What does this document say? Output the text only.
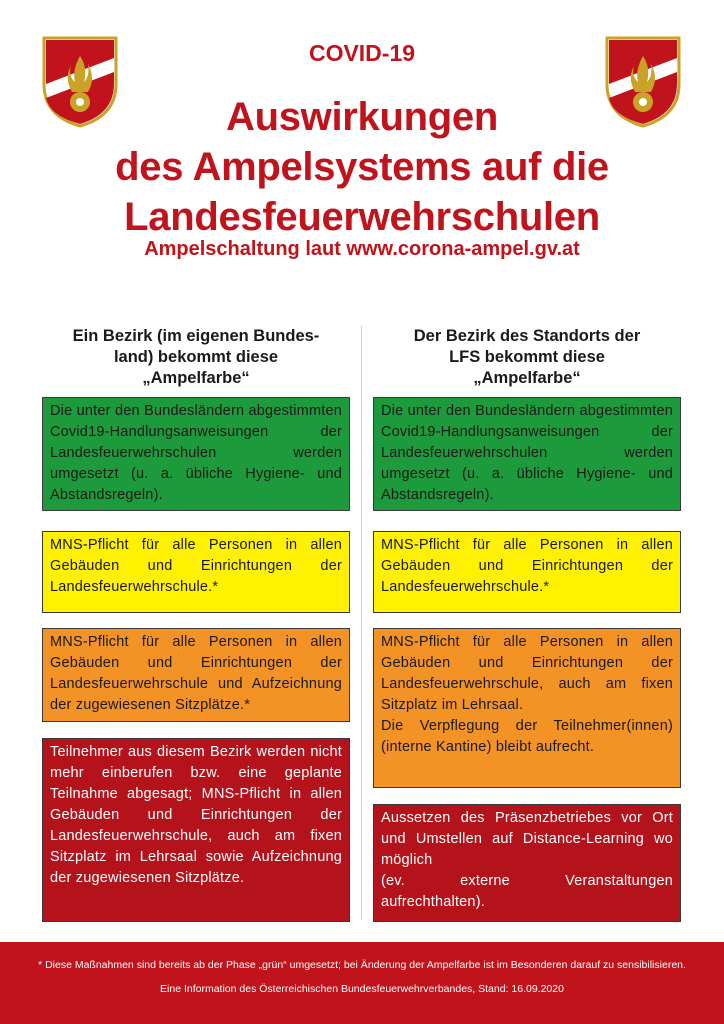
COVID-19
Auswirkungen
des Ampelsystems auf die
Landesfeuerwehrschulen
Ampelschaltung laut www.corona-ampel.gv.at
Ein Bezirk (im eigenen Bundes-
land) bekommt diese
„Ampelfarbe“
Die unter den Bundesländern abgestimmten Covid19-Handlungsanweisungen der Landesfeuerwehrschulen werden umgesetzt (u. a. übliche Hygiene- und Abstandsregeln).
MNS-Pflicht für alle Personen in allen Gebäuden und Einrichtungen der Landesfeuerwehrschule.*
MNS-Pflicht für alle Personen in allen Gebäuden und Einrichtungen der Landesfeuerwehrschule und Aufzeichnung der zugewiesenen Sitzplätze.*
Teilnehmer aus diesem Bezirk werden nicht mehr einberufen bzw. eine geplante Teilnahme abgesagt; MNS-Pflicht in allen Gebäuden und Einrichtungen der Landesfeuerwehrschule, auch am fixen Sitzplatz im Lehrsaal sowie Aufzeichnung der zugewiesenen Sitzplätze.
Der Bezirk des Standorts der
LFS bekommt diese
„Ampelfarbe“
Die unter den Bundesländern abgestimmten Covid19-Handlungsanweisungen der Landesfeuerwehrschulen werden umgesetzt (u. a. übliche Hygiene- und Abstandsregeln).
MNS-Pflicht für alle Personen in allen Gebäuden und Einrichtungen der Landesfeuerwehrschule.*
MNS-Pflicht für alle Personen in allen Gebäuden und Einrichtungen der Landesfeuerwehrschule, auch am fixen Sitzplatz im Lehrsaal.
Die Verpflegung der Teilnehmer(innen) (interne Kantine) bleibt aufrecht.
Aussetzen des Präsenzbetriebes vor Ort und Umstellen auf Distance-Learning wo möglich
(ev. externe Veranstaltungen aufrechthalten).
* Diese Maßnahmen sind bereits ab der Phase „grün“ umgesetzt; bei Änderung der Ampelfarbe ist im Besonderen darauf zu sensibilisieren.
Eine Information des Österreichischen Bundesfeuerwehrverbandes, Stand: 16.09.2020
